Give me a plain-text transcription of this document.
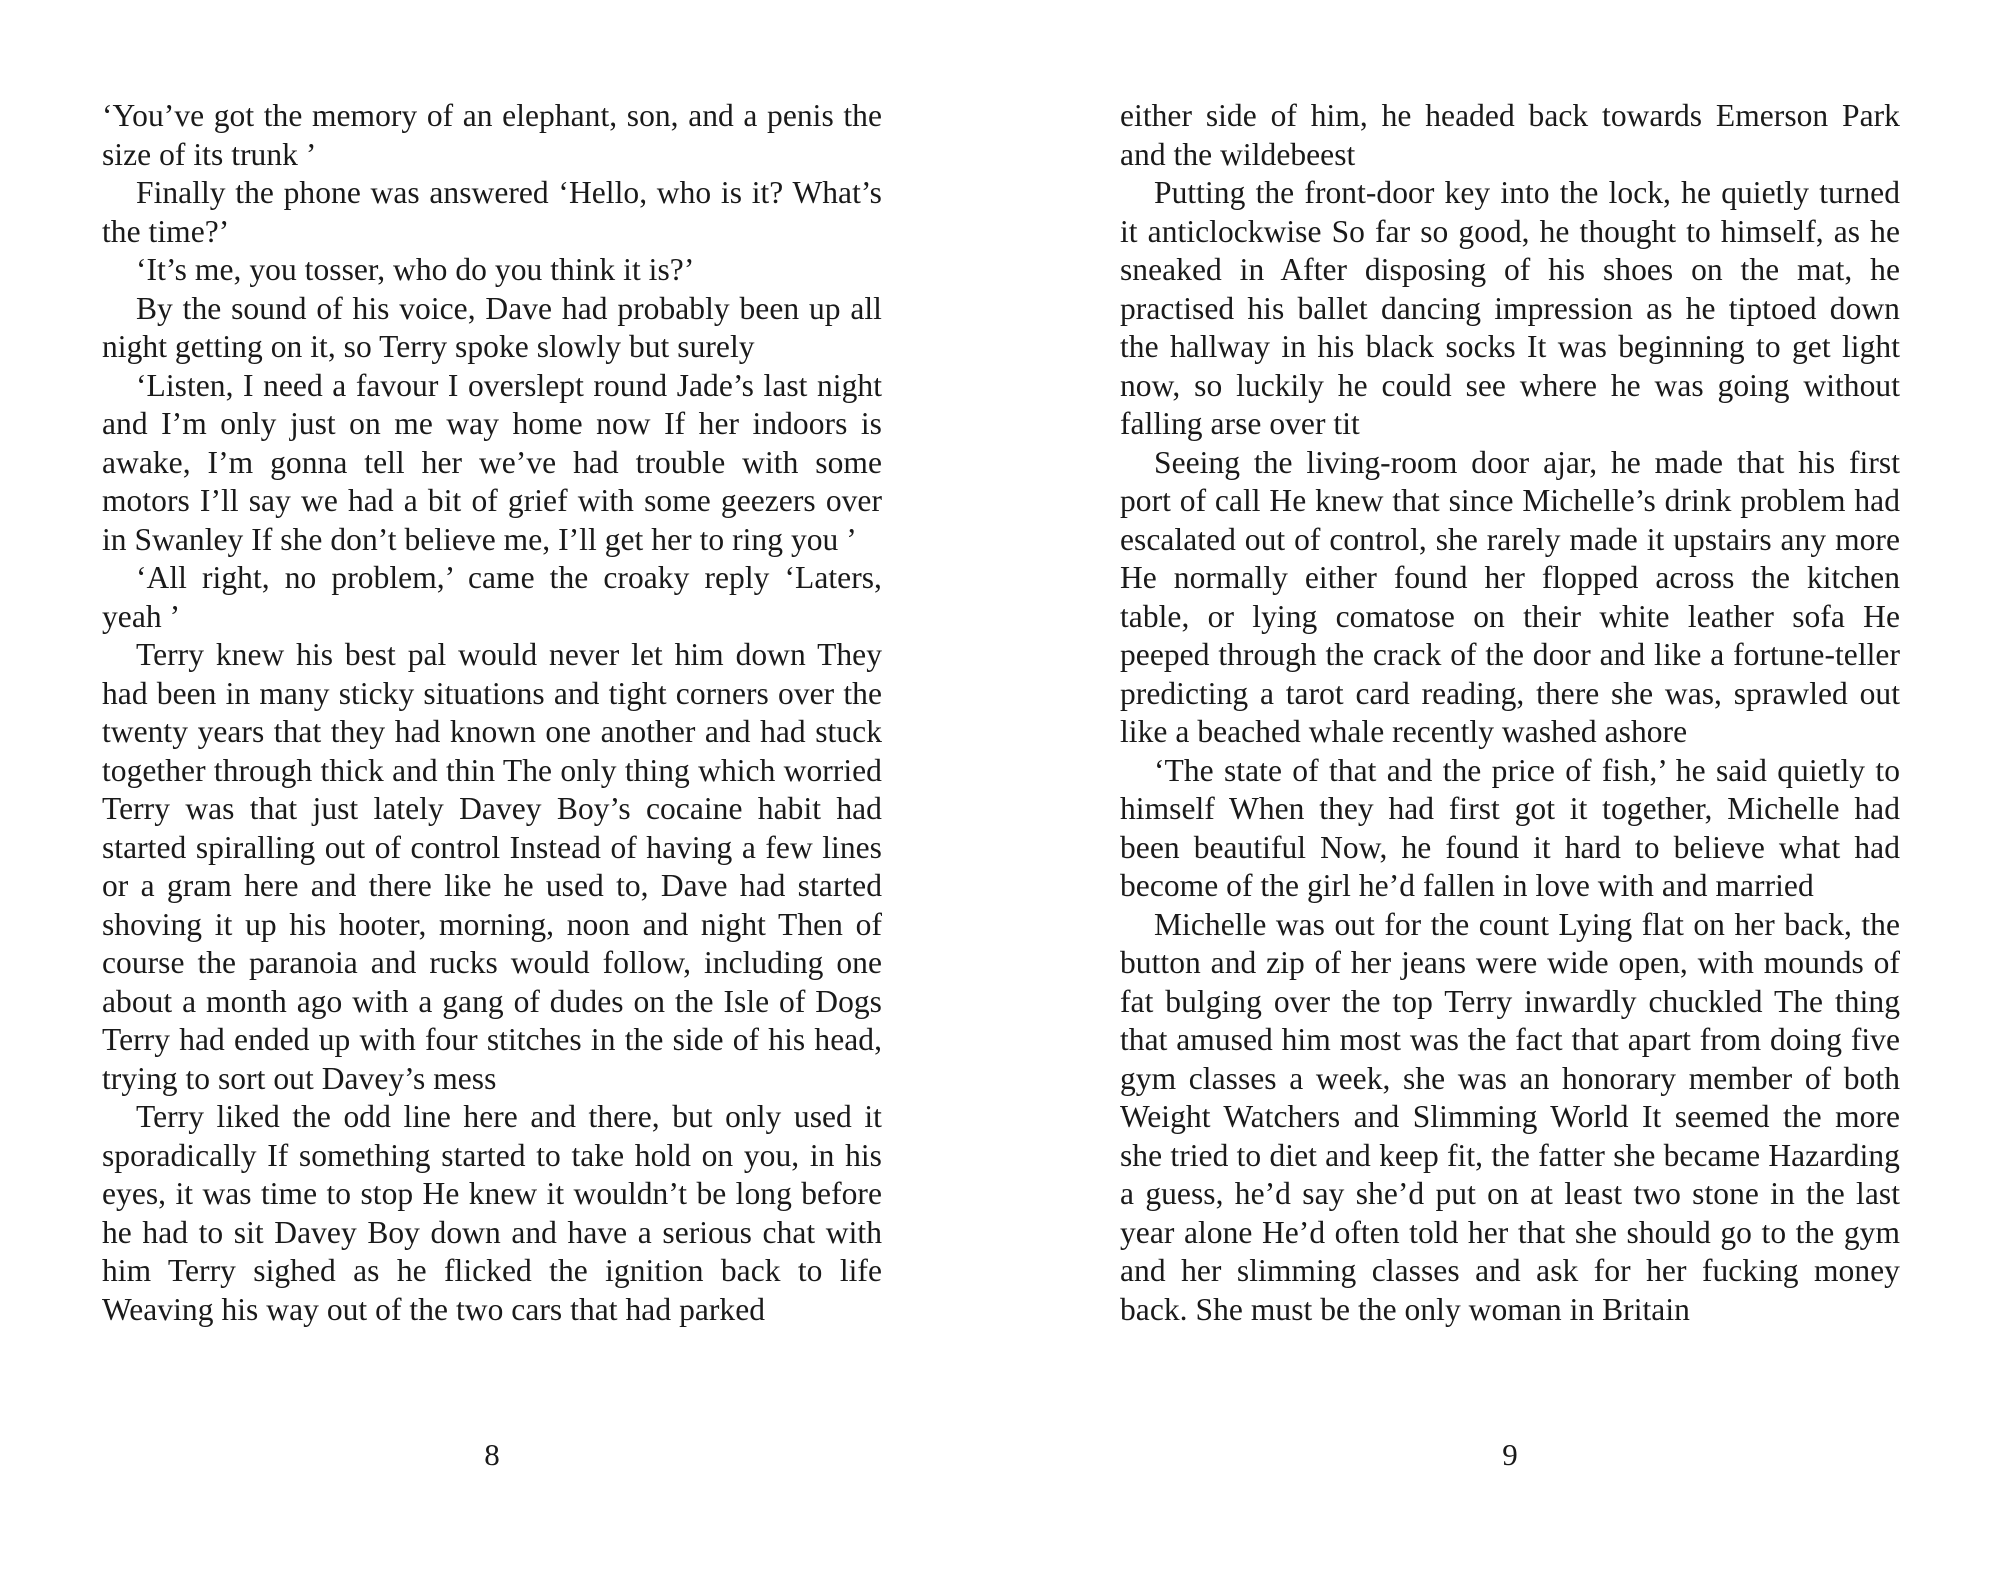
‘You’ve got the memory of an elephant, son, and a penis the size of its trunk ’

Finally the phone was answered ‘Hello, who is it? What’s the time?’

‘It’s me, you tosser, who do you think it is?’

By the sound of his voice, Dave had probably been up all night getting on it, so Terry spoke slowly but surely

‘Listen, I need a favour I overslept round Jade’s last night and I’m only just on me way home now If her indoors is awake, I’m gonna tell her we’ve had trouble with some motors I’ll say we had a bit of grief with some geezers over in Swanley If she don’t believe me, I’ll get her to ring you ’

‘All right, no problem,’ came the croaky reply ‘Laters, yeah ’

Terry knew his best pal would never let him down They had been in many sticky situations and tight corners over the twenty years that they had known one another and had stuck together through thick and thin The only thing which worried Terry was that just lately Davey Boy’s cocaine habit had started spiralling out of control Instead of having a few lines or a gram here and there like he used to, Dave had started shoving it up his hooter, morning, noon and night Then of course the paranoia and rucks would follow, including one about a month ago with a gang of dudes on the Isle of Dogs Terry had ended up with four stitches in the side of his head, trying to sort out Davey’s mess

Terry liked the odd line here and there, but only used it sporadically If something started to take hold on you, in his eyes, it was time to stop He knew it wouldn’t be long before he had to sit Davey Boy down and have a serious chat with him Terry sighed as he flicked the ignition back to life Weaving his way out of the two cars that had parked

8

either side of him, he headed back towards Emerson Park and the wildebeest

Putting the front-door key into the lock, he quietly turned it anticlockwise So far so good, he thought to himself, as he sneaked in After disposing of his shoes on the mat, he practised his ballet dancing impression as he tiptoed down the hallway in his black socks It was beginning to get light now, so luckily he could see where he was going without falling arse over tit

Seeing the living-room door ajar, he made that his first port of call He knew that since Michelle’s drink problem had escalated out of control, she rarely made it upstairs any more He normally either found her flopped across the kitchen table, or lying comatose on their white leather sofa He peeped through the crack of the door and like a fortune-teller predicting a tarot card reading, there she was, sprawled out like a beached whale recently washed ashore

‘The state of that and the price of fish,’ he said quietly to himself When they had first got it together, Michelle had been beautiful Now, he found it hard to believe what had become of the girl he’d fallen in love with and married

Michelle was out for the count Lying flat on her back, the button and zip of her jeans were wide open, with mounds of fat bulging over the top Terry inwardly chuckled The thing that amused him most was the fact that apart from doing five gym classes a week, she was an honorary member of both Weight Watchers and Slimming World It seemed the more she tried to diet and keep fit, the fatter she became Hazarding a guess, he’d say she’d put on at least two stone in the last year alone He’d often told her that she should go to the gym and her slimming classes and ask for her fucking money back. She must be the only woman in Britain

9
